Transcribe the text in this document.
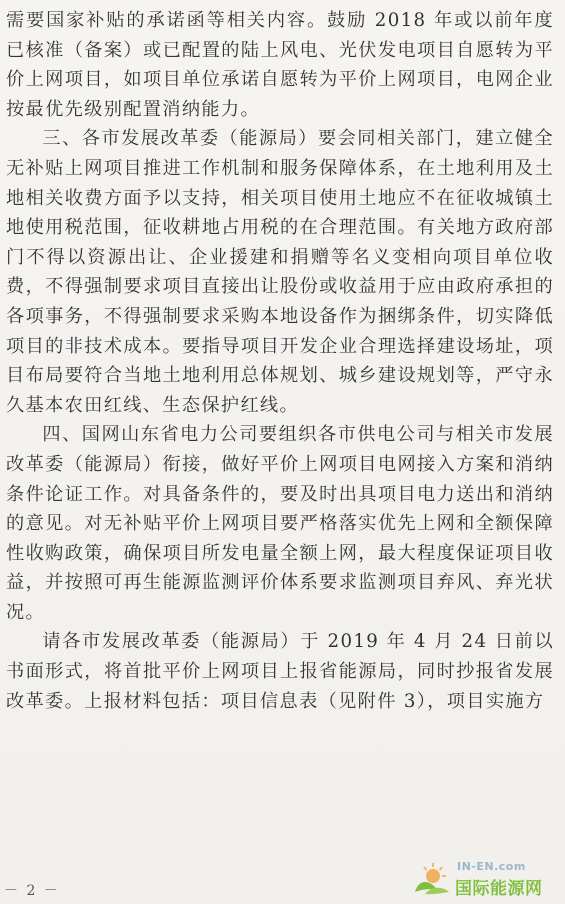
需要国家补贴的承诺函等相关内容。鼓励 2018 年或以前年度已核准（备案）或已配置的陆上风电、光伏发电项目自愿转为平价上网项目，如项目单位承诺自愿转为平价上网项目，电网企业按最优先级别配置消纳能力。

三、各市发展改革委（能源局）要会同相关部门，建立健全无补贴上网项目推进工作机制和服务保障体系，在土地利用及土地相关收费方面予以支持，相关项目使用土地应不在征收城镇土地使用税范围，征收耕地占用税的在合理范围。有关地方政府部门不得以资源出让、企业援建和捐赠等名义变相向项目单位收费，不得强制要求项目直接出让股份或收益用于应由政府承担的各项事务，不得强制要求采购本地设备作为捆绑条件，切实降低项目的非技术成本。要指导项目开发企业合理选择建设场址，项目布局要符合当地土地利用总体规划、城乡建设规划等，严守永久基本农田红线、生态保护红线。

四、国网山东省电力公司要组织各市供电公司与相关市发展改革委（能源局）衔接，做好平价上网项目电网接入方案和消纳条件论证工作。对具备条件的，要及时出具项目电力送出和消纳的意见。对无补贴平价上网项目要严格落实优先上网和全额保障性收购政策，确保项目所发电量全额上网，最大程度保证项目收益，并按照可再生能源监测评价体系要求监测项目弃风、弃光状况。

请各市发展改革委（能源局）于 2019 年 4 月 24 日前以书面形式，将首批平价上网项目上报省能源局，同时抄报省发展改革委。上报材料包括：项目信息表（见附件 3），项目实施方

－ 2 －
IN-EN.com
国际能源网
